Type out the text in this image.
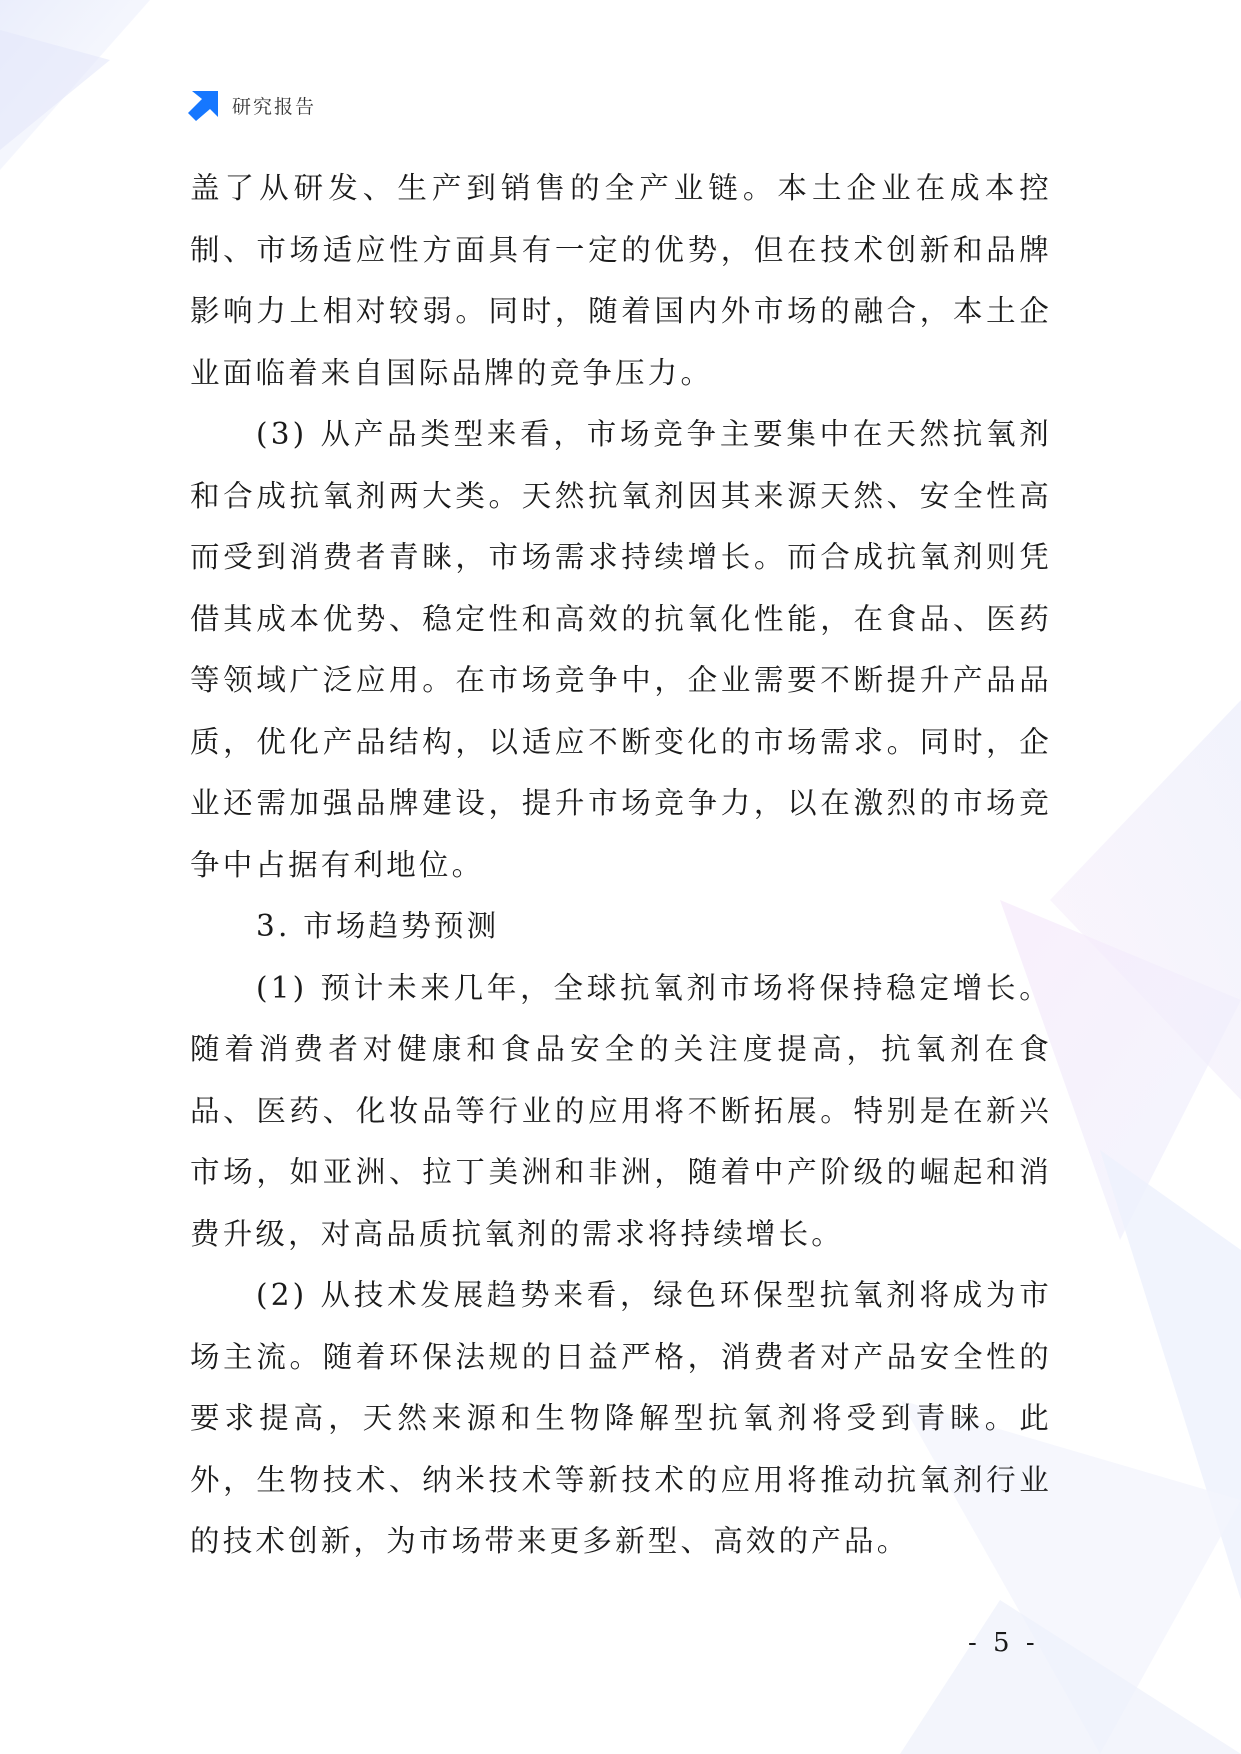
研究报告

盖了从研发、生产到销售的全产业链。本土企业在成本控制、市场适应性方面具有一定的优势，但在技术创新和品牌影响力上相对较弱。同时，随着国内外市场的融合，本土企业面临着来自国际品牌的竞争压力。

(3) 从产品类型来看，市场竞争主要集中在天然抗氧剂和合成抗氧剂两大类。天然抗氧剂因其来源天然、安全性高而受到消费者青睐，市场需求持续增长。而合成抗氧剂则凭借其成本优势、稳定性和高效的抗氧化性能，在食品、医药等领域广泛应用。在市场竞争中，企业需要不断提升产品品质，优化产品结构，以适应不断变化的市场需求。同时，企业还需加强品牌建设，提升市场竞争力，以在激烈的市场竞争中占据有利地位。

3. 市场趋势预测

(1) 预计未来几年，全球抗氧剂市场将保持稳定增长。随着消费者对健康和食品安全的关注度提高，抗氧剂在食品、医药、化妆品等行业的应用将不断拓展。特别是在新兴市场，如亚洲、拉丁美洲和非洲，随着中产阶级的崛起和消费升级，对高品质抗氧剂的需求将持续增长。

(2) 从技术发展趋势来看，绿色环保型抗氧剂将成为市场主流。随着环保法规的日益严格，消费者对产品安全性的要求提高，天然来源和生物降解型抗氧剂将受到青睐。此外，生物技术、纳米技术等新技术的应用将推动抗氧剂行业的技术创新，为市场带来更多新型、高效的产品。

- 5 -
